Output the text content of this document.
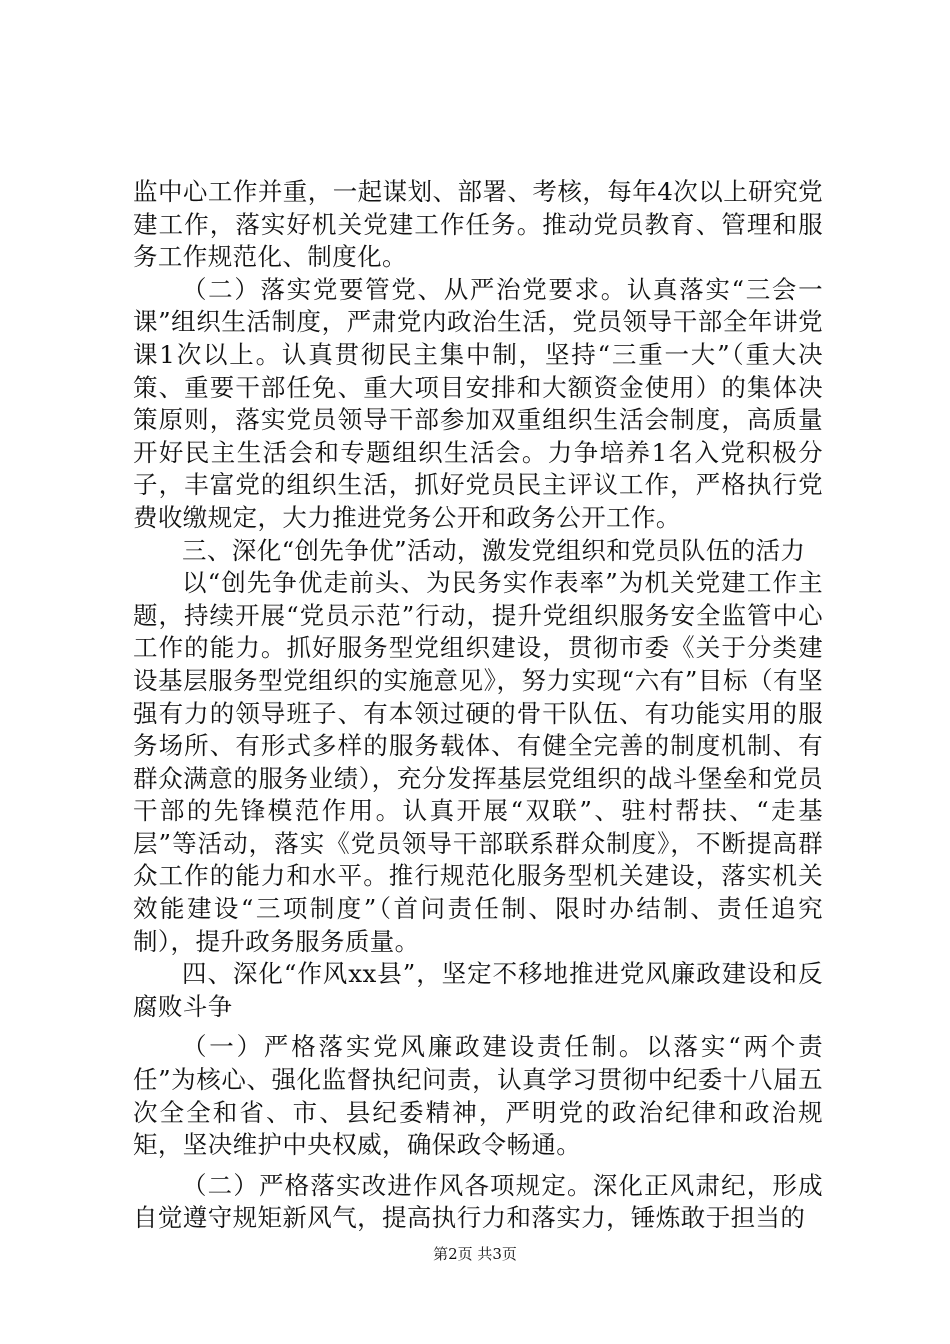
监中心工作并重，一起谋划、部署、考核，每年4次以上研究党建工作，落实好机关党建工作任务。推动党员教育、管理和服务工作规范化、制度化。

（二）落实党要管党、从严治党要求。认真落实“三会一课”组织生活制度，严肃党内政治生活，党员领导干部全年讲党课1次以上。认真贯彻民主集中制，坚持“三重一大”（重大决策、重要干部任免、重大项目安排和大额资金使用）的集体决策原则，落实党员领导干部参加双重组织生活会制度，高质量开好民主生活会和专题组织生活会。力争培养1名入党积极分子，丰富党的组织生活，抓好党员民主评议工作，严格执行党费收缴规定，大力推进党务公开和政务公开工作。

三、深化“创先争优”活动，激发党组织和党员队伍的活力

以“创先争优走前头、为民务实作表率”为机关党建工作主题，持续开展“党员示范”行动，提升党组织服务安全监管中心工作的能力。抓好服务型党组织建设，贯彻市委《关于分类建设基层服务型党组织的实施意见》，努力实现“六有”目标（有坚强有力的领导班子、有本领过硬的骨干队伍、有功能实用的服务场所、有形式多样的服务载体、有健全完善的制度机制、有群众满意的服务业绩），充分发挥基层党组织的战斗堡垒和党员干部的先锋模范作用。认真开展“双联”、驻村帮扶、“走基层”等活动，落实《党员领导干部联系群众制度》，不断提高群众工作的能力和水平。推行规范化服务型机关建设，落实机关效能建设“三项制度”（首问责任制、限时办结制、责任追究制），提升政务服务质量。

四、深化“作风xx县”，坚定不移地推进党风廉政建设和反腐败斗争

（一）严格落实党风廉政建设责任制。以落实“两个责任”为核心、强化监督执纪问责，认真学习贯彻中纪委十八届五次全全和省、市、县纪委精神，严明党的政治纪律和政治规矩，坚决维护中央权威，确保政令畅通。

（二）严格落实改进作风各项规定。深化正风肃纪，形成自觉遵守规矩新风气，提高执行力和落实力，锤炼敢于担当的

第2页 共3页
